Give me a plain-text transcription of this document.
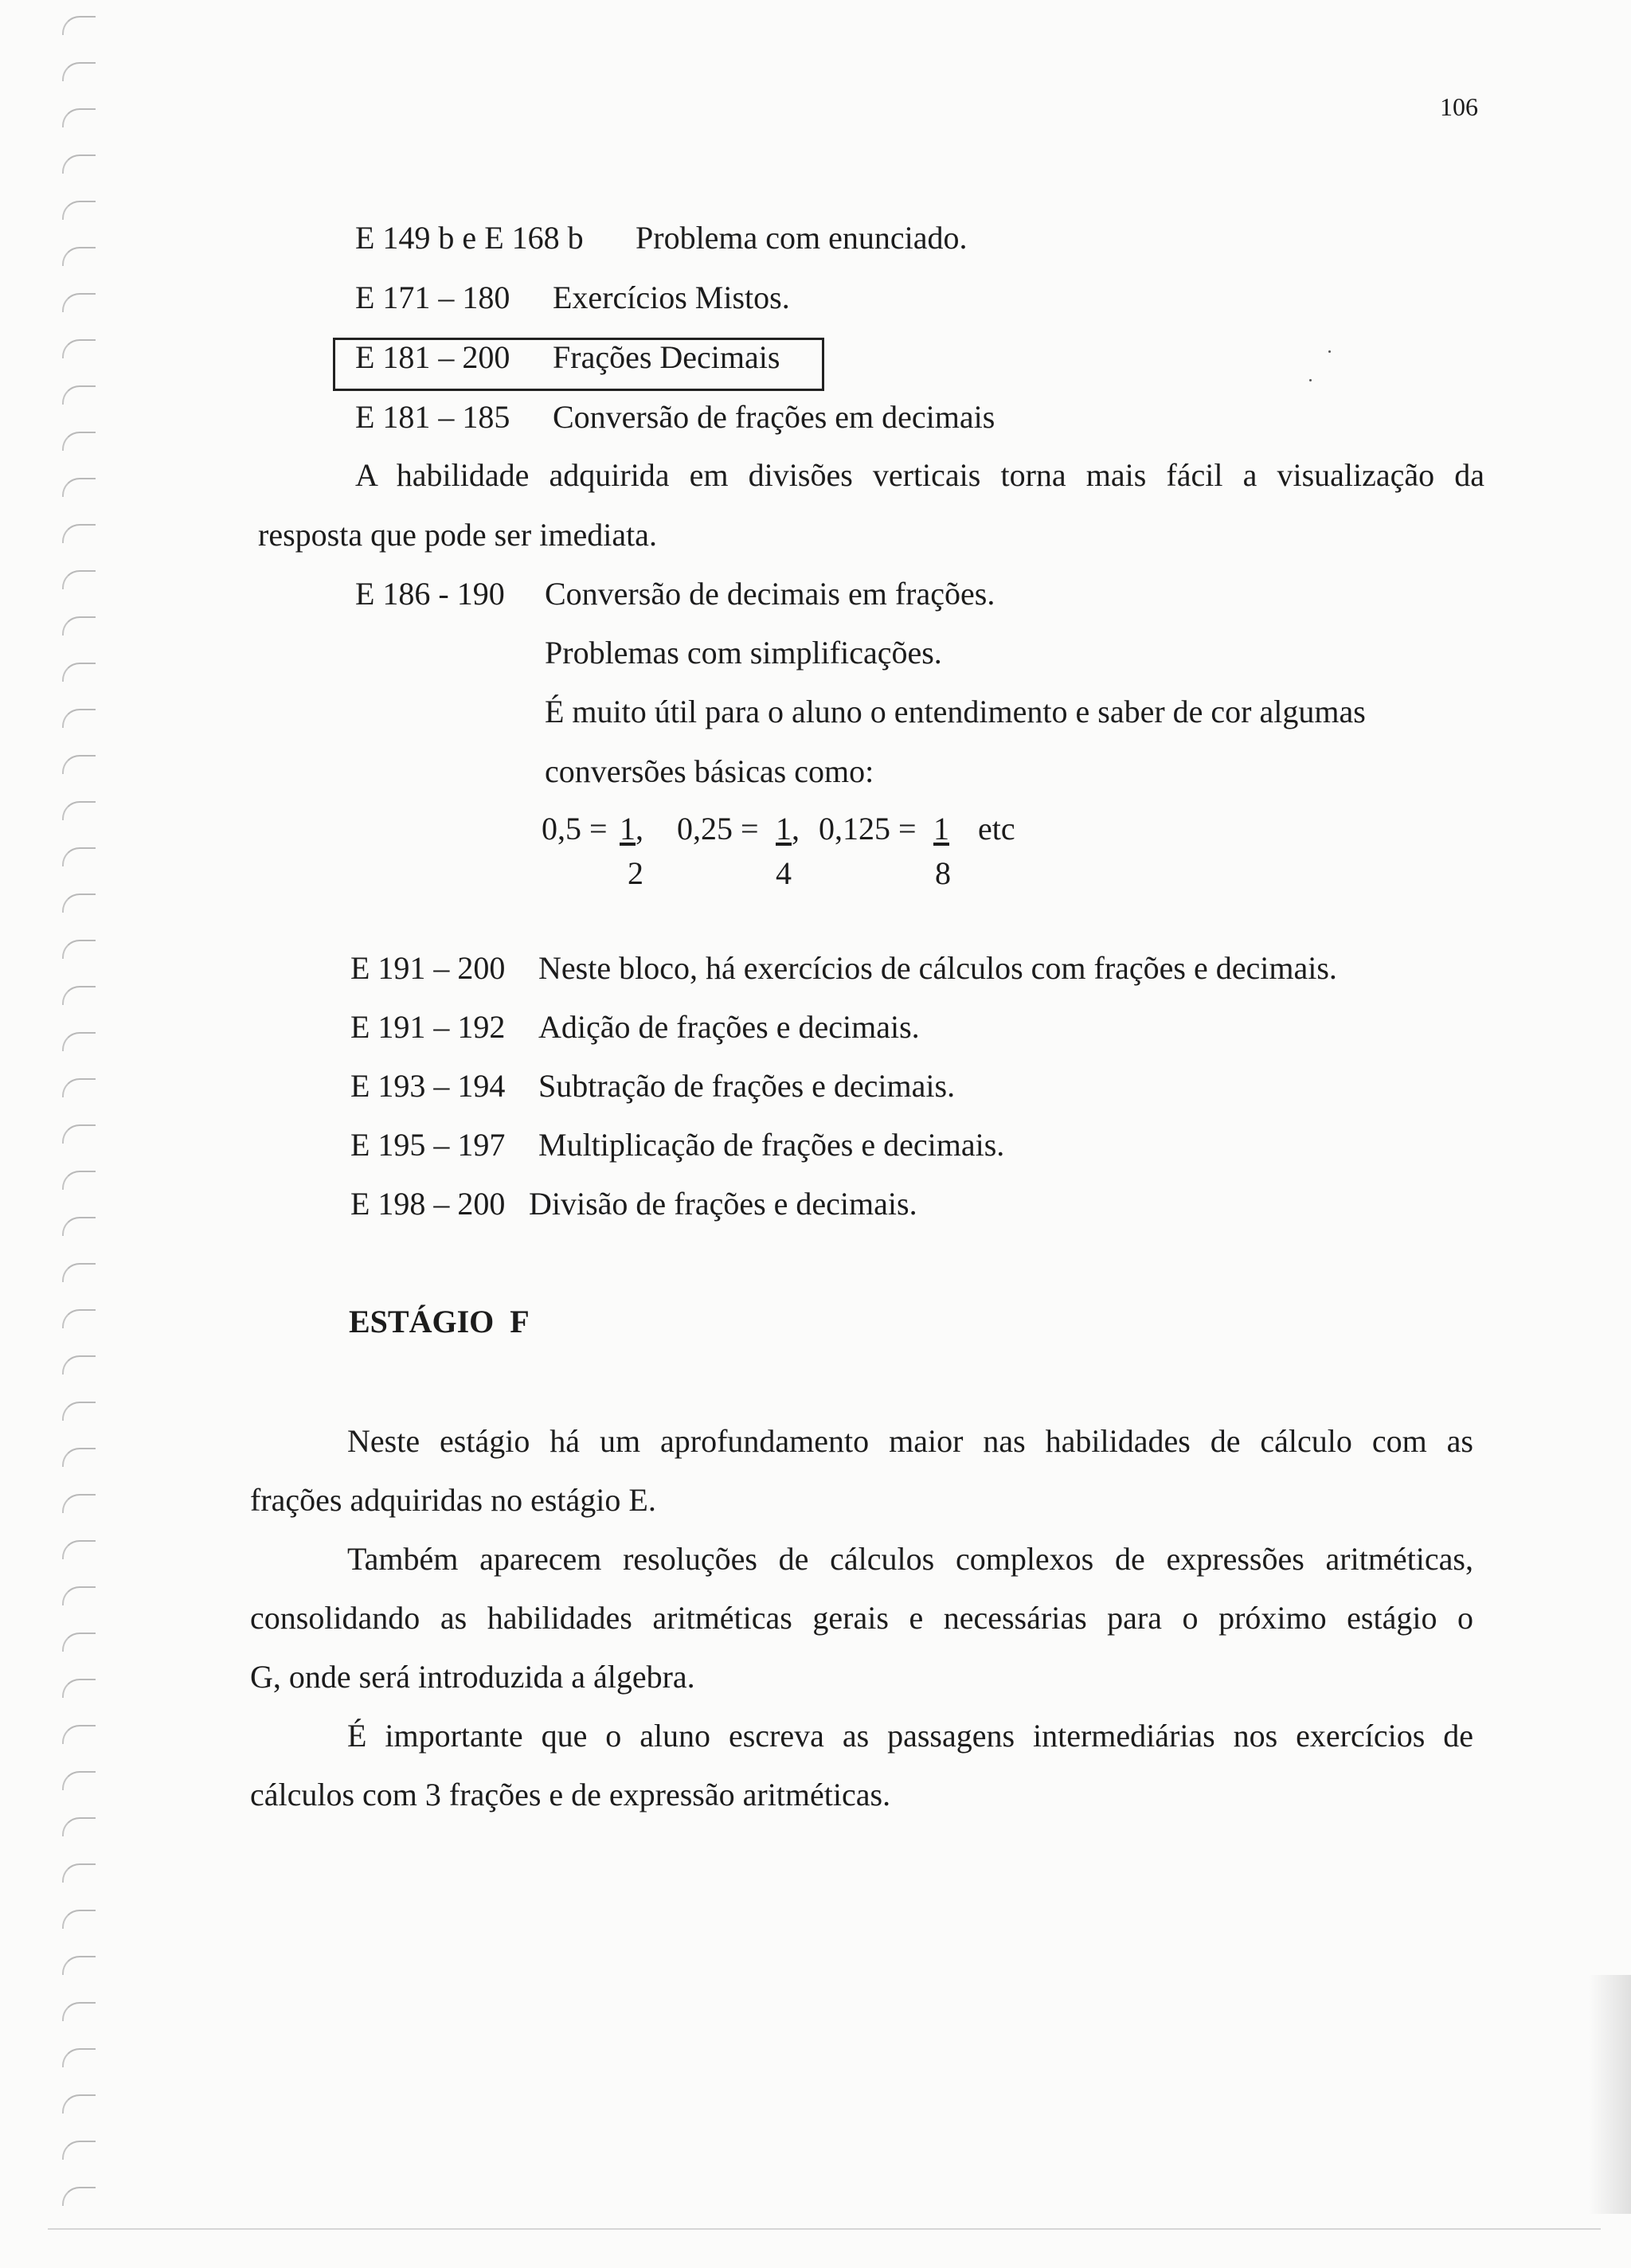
106
E 149 b e E 168 b Problema com enunciado.
E 171 – 180 Exercícios Mistos.
E 181 – 200 Frações Decimais
E 181 – 185 Conversão de frações em decimais
A habilidade adquirida em divisões verticais torna mais fácil a visualização da
resposta que pode ser imediata.
E 186 - 190 Conversão de decimais em frações.
Problemas com simplificações.
É muito útil para o aluno o entendimento e saber de cor algumas
conversões básicas como:
0,5 = 1 ,
2
0,25 = 1 ,
4
0,125 = 1
8
etc
E 191 – 200 Neste bloco, há exercícios de cálculos com frações e decimais.
E 191 – 192 Adição de frações e decimais.
E 193 – 194 Subtração de frações e decimais.
E 195 – 197 Multiplicação de frações e decimais.
E 198 – 200 Divisão de frações e decimais.
ESTÁGIO  F
Neste estágio há um aprofundamento maior nas habilidades de cálculo com as
frações adquiridas no estágio E.
Também aparecem resoluções de cálculos complexos de expressões aritméticas,
consolidando as habilidades aritméticas gerais e necessárias para o próximo estágio o
G, onde será introduzida a álgebra.
É importante que o aluno escreva as passagens intermediárias nos exercícios de
cálculos com 3 frações e de expressão aritméticas.
